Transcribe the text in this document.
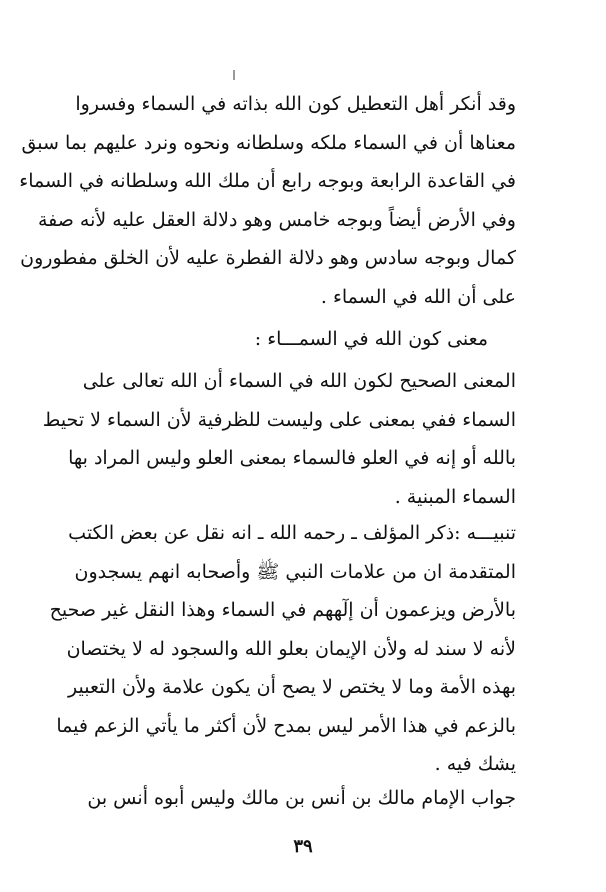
وقد أنكر أهل التعطيل كون الله بذاته في السماء وفسروا
معناها أن في السماء ملكه وسلطانه ونحوه ونرد عليهم بما سبق
في القاعدة الرابعة وبوجه رابع أن ملك الله وسلطانه في السماء
وفي الأرض أيضاً وبوجه خامس وهو دلالة العقل عليه لأنه صفة
كمال وبوجه سادس وهو دلالة الفطرة عليه لأن الخلق مفطورون
على أن الله في السماء .
معنى كون الله في السمـــاء :
المعنى الصحيح لكون الله في السماء أن الله تعالى على
السماء ففي بمعنى على وليست للظرفية لأن السماء لا تحيط
بالله أو إنه في العلو فالسماء بمعنى العلو وليس المراد بها
السماء المبنية .
تنبيـــه :ذكر المؤلف ـ رحمه الله ـ انه نقل عن بعض الكتب
المتقدمة ان من علامات النبي ﷺ وأصحابه انهم يسجدون
بالأرض ويزعمون أن إلٓههم في السماء وهذا النقل غير صحيح
لأنه لا سند له ولأن الإيمان بعلو الله والسجود له لا يختصان
بهذه الأمة وما لا يختص لا يصح أن يكون علامة ولأن التعبير
بالزعم في هذا الأمر ليس بمدح لأن أكثر ما يأتي الزعم فيما
يشك فيه .
جواب الإمام مالك بن أنس بن مالك وليس أبوه أنس بن
٣٩
